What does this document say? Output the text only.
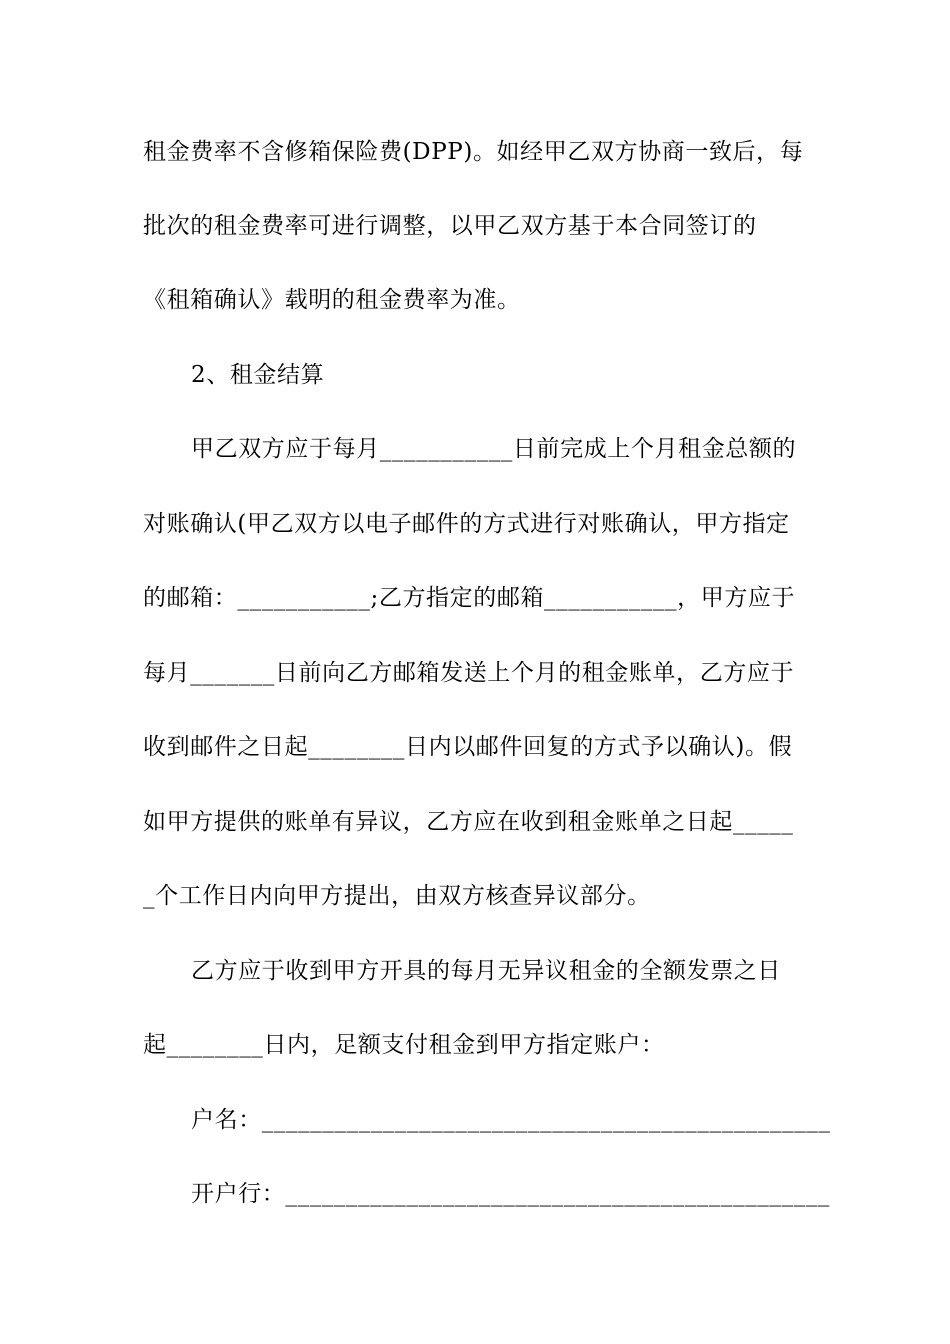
租金费率不含修箱保险费(DPP)。如经甲乙双方协商一致后，每
批次的租金费率可进行调整，以甲乙双方基于本合同签订的
《租箱确认》载明的租金费率为准。
2、租金结算
甲乙双方应于每月___________日前完成上个月租金总额的
对账确认(甲乙双方以电子邮件的方式进行对账确认，甲方指定
的邮箱：___________;乙方指定的邮箱___________，甲方应于
每月_______日前向乙方邮箱发送上个月的租金账单，乙方应于
收到邮件之日起________日内以邮件回复的方式予以确认)。假
如甲方提供的账单有异议，乙方应在收到租金账单之日起_____
_个工作日内向甲方提出，由双方核查异议部分。
乙方应于收到甲方开具的每月无异议租金的全额发票之日
起________日内，足额支付租金到甲方指定账户：
户名：_______________________________________________
开户行：_____________________________________________
